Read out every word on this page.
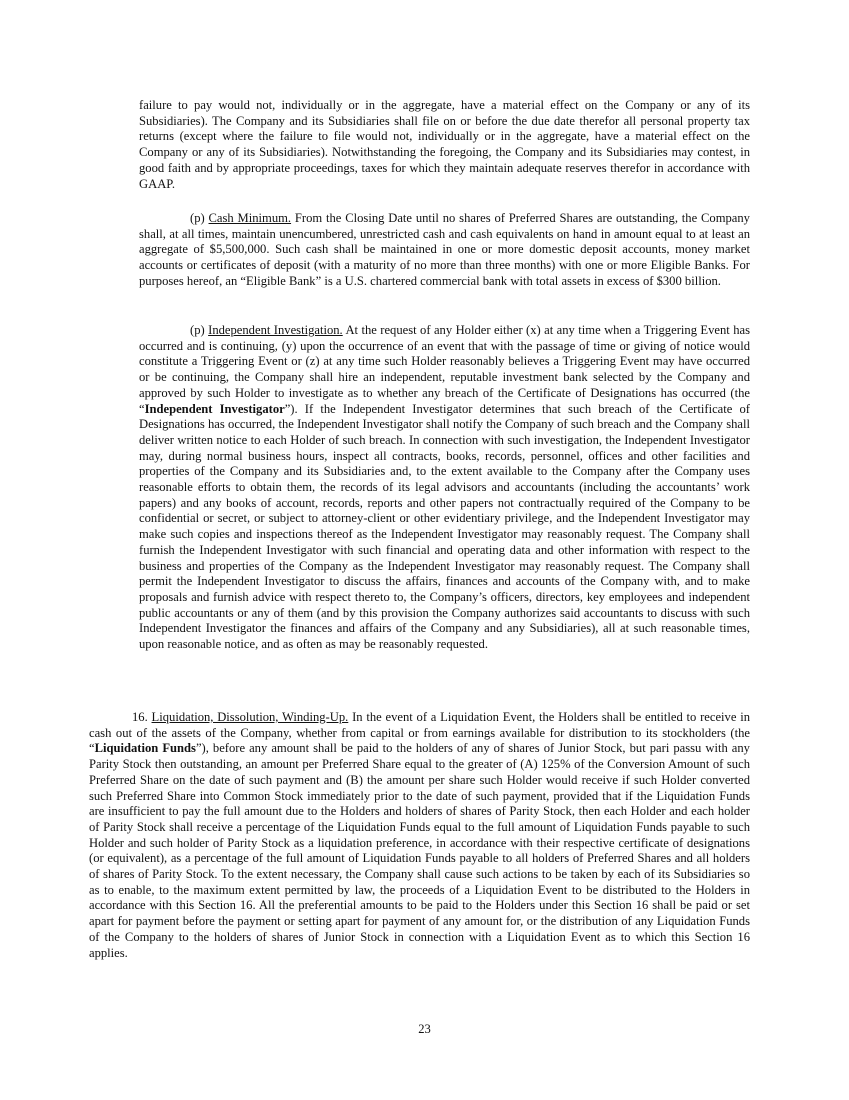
failure to pay would not, individually or in the aggregate, have a material effect on the Company or any of its Subsidiaries). The Company and its Subsidiaries shall file on or before the due date therefor all personal property tax returns (except where the failure to file would not, individually or in the aggregate, have a material effect on the Company or any of its Subsidiaries). Notwithstanding the foregoing, the Company and its Subsidiaries may contest, in good faith and by appropriate proceedings, taxes for which they maintain adequate reserves therefor in accordance with GAAP.

(p) Cash Minimum. From the Closing Date until no shares of Preferred Shares are outstanding, the Company shall, at all times, maintain unencumbered, unrestricted cash and cash equivalents on hand in amount equal to at least an aggregate of $5,500,000. Such cash shall be maintained in one or more domestic deposit accounts, money market accounts or certificates of deposit (with a maturity of no more than three months) with one or more Eligible Banks. For purposes hereof, an “Eligible Bank” is a U.S. chartered commercial bank with total assets in excess of $300 billion.

(p) Independent Investigation. At the request of any Holder either (x) at any time when a Triggering Event has occurred and is continuing, (y) upon the occurrence of an event that with the passage of time or giving of notice would constitute a Triggering Event or (z) at any time such Holder reasonably believes a Triggering Event may have occurred or be continuing, the Company shall hire an independent, reputable investment bank selected by the Company and approved by such Holder to investigate as to whether any breach of the Certificate of Designations has occurred (the “Independent Investigator”). If the Independent Investigator determines that such breach of the Certificate of Designations has occurred, the Independent Investigator shall notify the Company of such breach and the Company shall deliver written notice to each Holder of such breach. In connection with such investigation, the Independent Investigator may, during normal business hours, inspect all contracts, books, records, personnel, offices and other facilities and properties of the Company and its Subsidiaries and, to the extent available to the Company after the Company uses reasonable efforts to obtain them, the records of its legal advisors and accountants (including the accountants’ work papers) and any books of account, records, reports and other papers not contractually required of the Company to be confidential or secret, or subject to attorney-client or other evidentiary privilege, and the Independent Investigator may make such copies and inspections thereof as the Independent Investigator may reasonably request. The Company shall furnish the Independent Investigator with such financial and operating data and other information with respect to the business and properties of the Company as the Independent Investigator may reasonably request. The Company shall permit the Independent Investigator to discuss the affairs, finances and accounts of the Company with, and to make proposals and furnish advice with respect thereto to, the Company’s officers, directors, key employees and independent public accountants or any of them (and by this provision the Company authorizes said accountants to discuss with such Independent Investigator the finances and affairs of the Company and any Subsidiaries), all at such reasonable times, upon reasonable notice, and as often as may be reasonably requested.

16. Liquidation, Dissolution, Winding-Up. In the event of a Liquidation Event, the Holders shall be entitled to receive in cash out of the assets of the Company, whether from capital or from earnings available for distribution to its stockholders (the “Liquidation Funds”), before any amount shall be paid to the holders of any of shares of Junior Stock, but pari passu with any Parity Stock then outstanding, an amount per Preferred Share equal to the greater of (A) 125% of the Conversion Amount of such Preferred Share on the date of such payment and (B) the amount per share such Holder would receive if such Holder converted such Preferred Share into Common Stock immediately prior to the date of such payment, provided that if the Liquidation Funds are insufficient to pay the full amount due to the Holders and holders of shares of Parity Stock, then each Holder and each holder of Parity Stock shall receive a percentage of the Liquidation Funds equal to the full amount of Liquidation Funds payable to such Holder and such holder of Parity Stock as a liquidation preference, in accordance with their respective certificate of designations (or equivalent), as a percentage of the full amount of Liquidation Funds payable to all holders of Preferred Shares and all holders of shares of Parity Stock. To the extent necessary, the Company shall cause such actions to be taken by each of its Subsidiaries so as to enable, to the maximum extent permitted by law, the proceeds of a Liquidation Event to be distributed to the Holders in accordance with this Section 16. All the preferential amounts to be paid to the Holders under this Section 16 shall be paid or set apart for payment before the payment or setting apart for payment of any amount for, or the distribution of any Liquidation Funds of the Company to the holders of shares of Junior Stock in connection with a Liquidation Event as to which this Section 16 applies.

23
